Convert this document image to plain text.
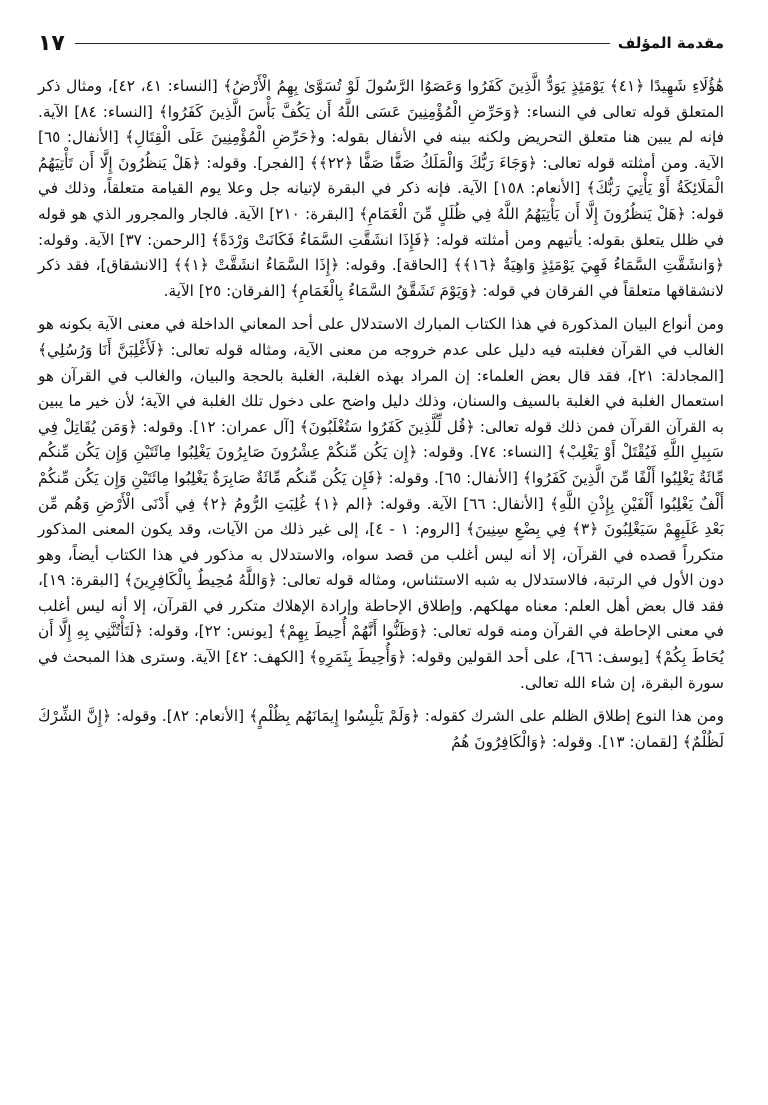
مقدمة المؤلف
١٧

هَٰؤُلَاءِ شَهِيدًا ﴿٤١﴾ يَوْمَئِذٍ يَوَدُّ الَّذِينَ كَفَرُوا وَعَصَوُا الرَّسُولَ لَوْ تُسَوَّىٰ بِهِمُ الْأَرْضُ﴾ [النساء: ٤١، ٤٢]، ومثال ذكر المتعلق قوله تعالى في النساء: ﴿وَحَرِّضِ الْمُؤْمِنِينَ عَسَى اللَّهُ أَن يَكُفَّ بَأْسَ الَّذِينَ كَفَرُوا﴾ [النساء: ٨٤] الآية. فإنه لم يبين هنا متعلق التحريض ولكنه بينه في الأنفال بقوله: و﴿حَرِّضِ الْمُؤْمِنِينَ عَلَى الْقِتَالِ﴾ [الأنفال: ٦٥] الآية. ومن أمثلته قوله تعالى: ﴿وَجَاءَ رَبُّكَ وَالْمَلَكُ صَفًّا صَفًّا ﴿٢٢﴾﴾ [الفجر]. وقوله: ﴿هَلْ يَنظُرُونَ إِلَّا أَن تَأْتِيَهُمُ الْمَلَائِكَةُ أَوْ يَأْتِيَ رَبُّكَ﴾ [الأنعام: ١٥٨] الآية. فإنه ذكر في البقرة لإتيانه جل وعلا يوم القيامة متعلقاً، وذلك في قوله: ﴿هَلْ يَنظُرُونَ إِلَّا أَن يَأْتِيَهُمُ اللَّهُ فِي ظُلَلٍ مِّنَ الْغَمَامِ﴾ [البقرة: ٢١٠] الآية. فالجار والمجرور الذي هو قوله في ظلل يتعلق بقوله: يأتيهم ومن أمثلته قوله: ﴿فَإِذَا انشَقَّتِ السَّمَاءُ فَكَانَتْ وَرْدَةً﴾ [الرحمن: ٣٧] الآية. وقوله: ﴿وَانشَقَّتِ السَّمَاءُ فَهِيَ يَوْمَئِذٍ وَاهِيَةٌ ﴿١٦﴾﴾ [الحاقة]. وقوله: ﴿إِذَا السَّمَاءُ انشَقَّتْ ﴿١﴾﴾ [الانشقاق]، فقد ذكر لانشقاقها متعلقاً في الفرقان في قوله: ﴿وَيَوْمَ تَشَقَّقُ السَّمَاءُ بِالْغَمَامِ﴾ [الفرقان: ٢٥] الآية.

ومن أنواع البيان المذكورة في هذا الكتاب المبارك الاستدلال على أحد المعاني الداخلة في معنى الآية بكونه هو الغالب في القرآن فغلبته فيه دليل على عدم خروجه من معنى الآية، ومثاله قوله تعالى: ﴿لَأَغْلِبَنَّ أَنَا وَرُسُلِي﴾ [المجادلة: ٢١]، فقد قال بعض العلماء: إن المراد بهذه الغلبة، الغلبة بالحجة والبيان، والغالب في القرآن هو استعمال الغلبة في الغلبة بالسيف والسنان، وذلك دليل واضح على دخول تلك الغلبة في الآية؛ لأن خير ما يبين به القرآن القرآن فمن ذلك قوله تعالى: ﴿قُل لِّلَّذِينَ كَفَرُوا سَتُغْلَبُونَ﴾ [آل عمران: ١٢]. وقوله: ﴿وَمَن يُقَاتِلْ فِي سَبِيلِ اللَّهِ فَيُقْتَلْ أَوْ يَغْلِبْ﴾ [النساء: ٧٤]. وقوله: ﴿إِن يَكُن مِّنكُمْ عِشْرُونَ صَابِرُونَ يَغْلِبُوا مِائَتَيْنِ وَإِن يَكُن مِّنكُم مِّائَةٌ يَغْلِبُوا أَلْفًا مِّنَ الَّذِينَ كَفَرُوا﴾ [الأنفال: ٦٥]. وقوله: ﴿فَإِن يَكُن مِّنكُم مِّائَةٌ صَابِرَةٌ يَغْلِبُوا مِائَتَيْنِ وَإِن يَكُن مِّنكُمْ أَلْفٌ يَغْلِبُوا أَلْفَيْنِ بِإِذْنِ اللَّهِ﴾ [الأنفال: ٦٦] الآية. وقوله: ﴿الم ﴿١﴾ غُلِبَتِ الرُّومُ ﴿٢﴾ فِي أَدْنَى الْأَرْضِ وَهُم مِّن بَعْدِ غَلَبِهِمْ سَيَغْلِبُونَ ﴿٣﴾ فِي بِضْعِ سِنِينَ﴾ [الروم: ١ - ٤]، إلى غير ذلك من الآيات، وقد يكون المعنى المذكور متكرراً قصده في القرآن، إلا أنه ليس أغلب من قصد سواه، والاستدلال به مذكور في هذا الكتاب أيضاً، وهو دون الأول في الرتبة، فالاستدلال به شبه الاستئناس، ومثاله قوله تعالى: ﴿وَاللَّهُ مُحِيطٌ بِالْكَافِرِينَ﴾ [البقرة: ١٩]، فقد قال بعض أهل العلم: معناه مهلكهم. وإطلاق الإحاطة وإرادة الإهلاك متكرر في القرآن، إلا أنه ليس أغلب في معنى الإحاطة في القرآن ومنه قوله تعالى: ﴿وَظَنُّوا أَنَّهُمْ أُحِيطَ بِهِمْ﴾ [يونس: ٢٢]، وقوله: ﴿لَتَأْتُنَّنِي بِهِ إِلَّا أَن يُحَاطَ بِكُمْ﴾ [يوسف: ٦٦]، على أحد القولين وقوله: ﴿وَأُحِيطَ بِثَمَرِهِ﴾ [الكهف: ٤٢] الآية. وسترى هذا المبحث في سورة البقرة، إن شاء الله تعالى.

ومن هذا النوع إطلاق الظلم على الشرك كقوله: ﴿وَلَمْ يَلْبِسُوا إِيمَانَهُم بِظُلْمٍ﴾ [الأنعام: ٨٢]. وقوله: ﴿إِنَّ الشِّرْكَ لَظُلْمٌ﴾ [لقمان: ١٣]. وقوله: ﴿وَالْكَافِرُونَ هُمُ
